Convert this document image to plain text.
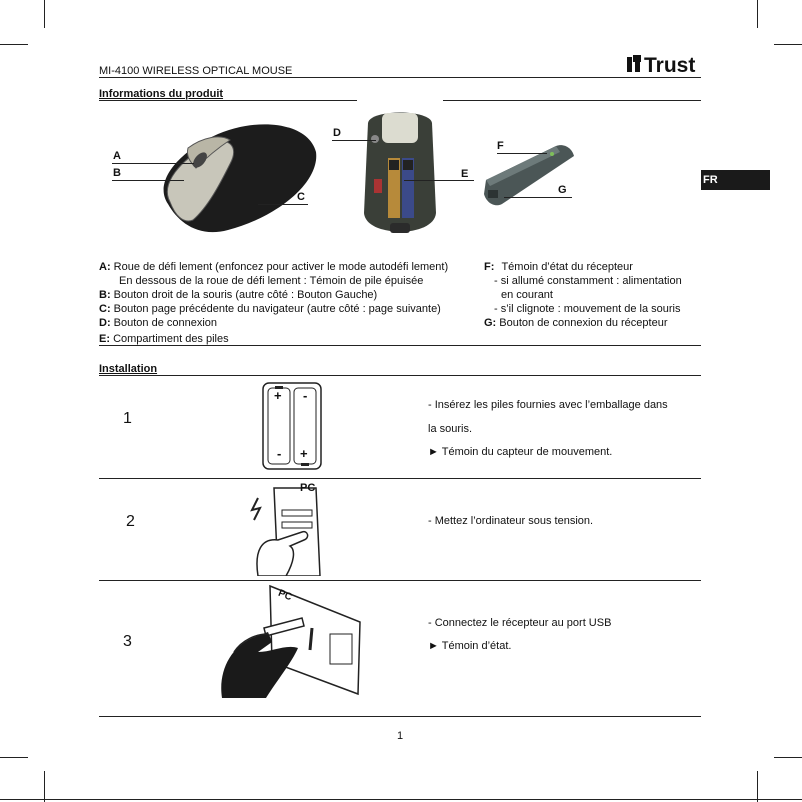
MI-4100 WIRELESS OPTICAL MOUSE	Trust
FR
Informations du produit
A
B
C
D
E
F
G
A: Roue de défi lement (enfoncez pour activer le mode autodéfi lement)
En dessous de la roue de défi lement : Témoin de pile épuisée
B: Bouton droit de la souris (autre côté : Bouton Gauche)
C: Bouton page précédente du navigateur (autre côté : page suivante)
D: Bouton de connexion
E: Compartiment des piles
F: Témoin d’état du récepteur
- si allumé constamment : alimentation
en courant
- s’il clignote : mouvement de la souris
G: Bouton de connexion du récepteur
Installation
1
+ -
- +
- Insérez les piles fournies avec l’emballage dans
la souris.
► Témoin du capteur de mouvement.
2
PC
- Mettez l’ordinateur sous tension.
3
PC
- Connectez le récepteur au port USB
► Témoin d’état.
1
